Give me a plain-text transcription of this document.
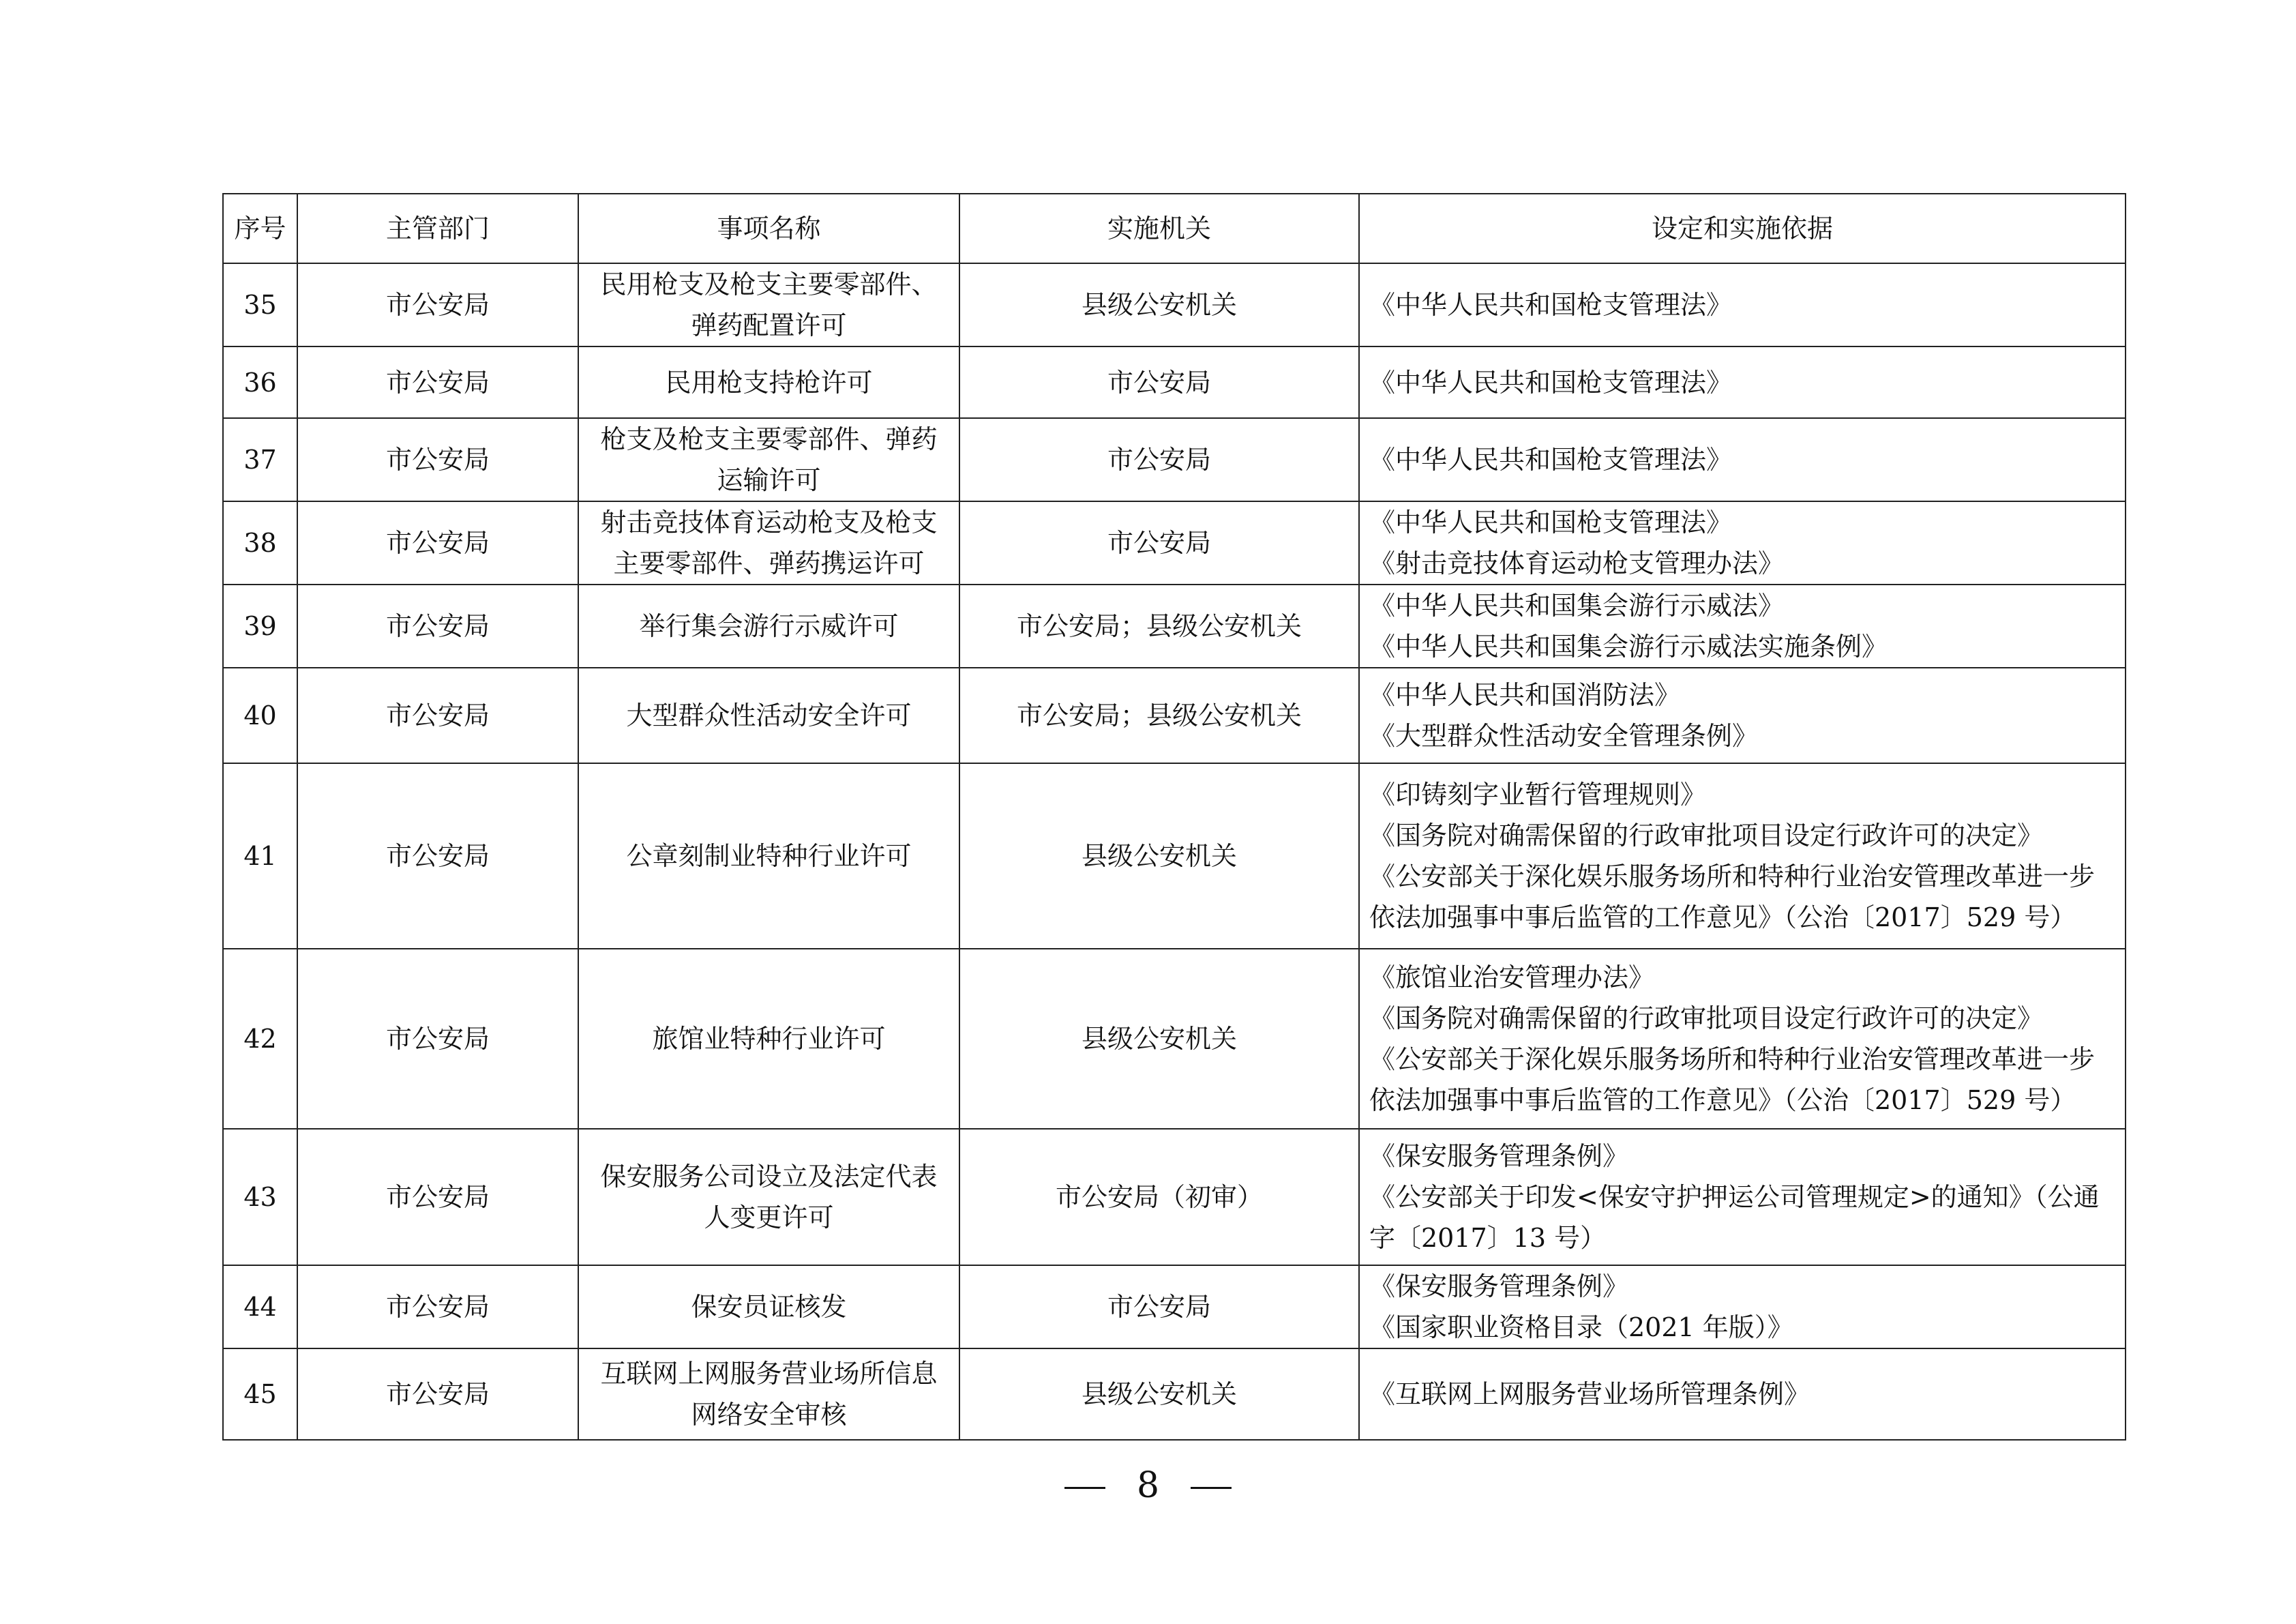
序号	主管部门	事项名称	实施机关	设定和实施依据
35	市公安局	民用枪支及枪支主要零部件、
弹药配置许可	县级公安机关	《中华人民共和国枪支管理法》

36	市公安局	民用枪支持枪许可	市公安局	《中华人民共和国枪支管理法》

37	市公安局	枪支及枪支主要零部件、弹药
运输许可	市公安局	《中华人民共和国枪支管理法》

38	市公安局	射击竞技体育运动枪支及枪支
主要零部件、弹药携运许可	市公安局	《中华人民共和国枪支管理法》
《射击竞技体育运动枪支管理办法》

39	市公安局	举行集会游行示威许可	市公安局；县级公安机关	《中华人民共和国集会游行示威法》
《中华人民共和国集会游行示威法实施条例》

40	市公安局	大型群众性活动安全许可	市公安局；县级公安机关	《中华人民共和国消防法》
《大型群众性活动安全管理条例》

41	市公安局	公章刻制业特种行业许可	县级公安机关	《印铸刻字业暂行管理规则》
《国务院对确需保留的行政审批项目设定行政许可的决定》
《公安部关于深化娱乐服务场所和特种行业治安管理改革进一步
依法加强事中事后监管的工作意见》（公治〔2017〕529 号）

42	市公安局	旅馆业特种行业许可	县级公安机关	《旅馆业治安管理办法》
《国务院对确需保留的行政审批项目设定行政许可的决定》
《公安部关于深化娱乐服务场所和特种行业治安管理改革进一步
依法加强事中事后监管的工作意见》（公治〔2017〕529 号）

43	市公安局	保安服务公司设立及法定代表
人变更许可	市公安局（初审）	《保安服务管理条例》
《公安部关于印发<保安守护押运公司管理规定>的通知》（公通
字〔2017〕13 号）

44	市公安局	保安员证核发	市公安局	《保安服务管理条例》
《国家职业资格目录（2021 年版）》

45	市公安局	互联网上网服务营业场所信息
网络安全审核	县级公安机关	《互联网上网服务营业场所管理条例》
8
